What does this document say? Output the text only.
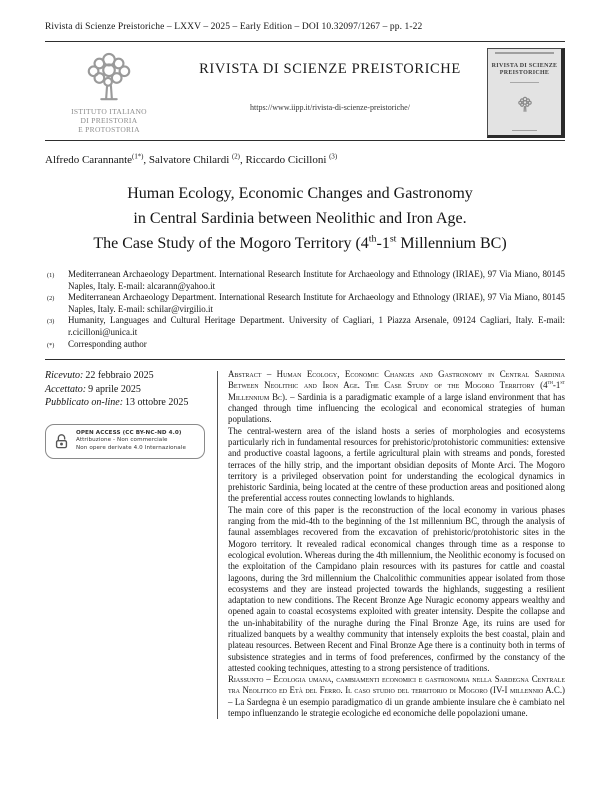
Rivista di Scienze Preistoriche – LXXV – 2025 – Early Edition – DOI 10.32097/1267 – pp. 1-22
ISTITUTO ITALIANO
DI PREISTORIA
E PROTOSTORIA
RIVISTA DI SCIENZE PREISTORICHE
https://www.iipp.it/rivista-di-scienze-preistoriche/
RIVISTA DI SCIENZE
PREISTORICHE
Alfredo Carannante$^{(1*)}$, Salvatore Chilardi $^{(2)}$, Riccardo Cicilloni $^{(3)}$
Human Ecology, Economic Changes and Gastronomy
in Central Sardinia between Neolithic and Iron Age.
The Case Study of the Mogoro Territory (4th-1st Millennium BC)
(1)	Mediterranean Archaeology Department. International Research Institute for Archaeology and Ethnology (IRIAE), 97 Via Miano, 80145 Naples, Italy. E-mail: alcarann@yahoo.it
(2)	Mediterranean Archaeology Department. International Research Institute for Archaeology and Ethnology (IRIAE), 97 Via Miano, 80145 Naples, Italy. E-mail: schilar@virgilio.it
(3)	Humanity, Languages and Cultural Heritage Department. University of Cagliari, 1 Piazza Arsenale, 09124 Cagliari, Italy. E-mail: r.cicilloni@unica.it
(*)	Corresponding author
Ricevuto: 22 febbraio 2025
Accettato: 9 aprile 2025
Pubblicato on-line: 13 ottobre 2025
OPEN ACCESS (CC BY-NC-ND 4.0)
Attribuzione - Non commerciale
Non opere derivate 4.0 Internazionale

Abstract – Human Ecology, Economic Changes and Gastronomy in Central Sardinia Between Neolithic and Iron Age. The Case Study of the Mogoro Territory (4th-1st Millennium Bc). – Sardinia is a paradigmatic example of a large island environment that has changed through time influencing the ecological and economical strategies of human populations.

The central-western area of the island hosts a series of morphologies and ecosystems particularly rich in fundamental resources for prehistoric/protohistoric communities: extensive and productive coastal lagoons, a fertile agricultural plain with streams and ponds, forested terraces of the hilly strip, and the important obsidian deposits of Monte Arci. The Mogoro territory is a privileged observation point for understanding the ecological dynamics in prehistoric Sardinia, being located at the centre of these production areas and positioned along the preferential access routes connecting lowlands to highlands.

The main core of this paper is the reconstruction of the local economy in various phases ranging from the mid-4th to the beginning of the 1st millennium BC, through the analysis of faunal assemblages recovered from the excavation of prehistoric/protohistoric sites in the Mogoro territory. It revealed radical economical changes through time as a response to ecological evolution. Whereas during the 4th millennium, the Neolithic economy is focused on the exploitation of the Campidano plain resources with its pastures for cattle and coastal lagoons, during the 3rd millennium the Chalcolithic communities appear isolated from those ecosystems and they are instead projected towards the highlands, suggesting a resilient adaptation to new conditions. The Recent Bronze Age Nuragic economy appears wealthy and opened again to coastal ecosystems exploited with greater intensity. Despite the collapse and the un-inhabitability of the nuraghe during the Final Bronze Age, its ruins are used for ritualized banquets by a wealthy community that intensely exploits the best coastal, plain and plateau resources. Between Recent and Final Bronze Age there is a continuity both in terms of subsistence strategies and in terms of food preferences, confirmed by the constancy of the attested cooking techniques, attesting to a strong persistence of traditions.

Riassunto – Ecologia umana, cambiamenti economici e gastronomia nella Sardegna Centrale tra Neolitico ed Età del Ferro. Il caso studio del territorio di Mogoro (IV-I millennio A.C.) – La Sardegna è un esempio paradigmatico di un grande ambiente insulare che è cambiato nel tempo influenzando le strategie ecologiche ed economiche delle popolazioni umane.
